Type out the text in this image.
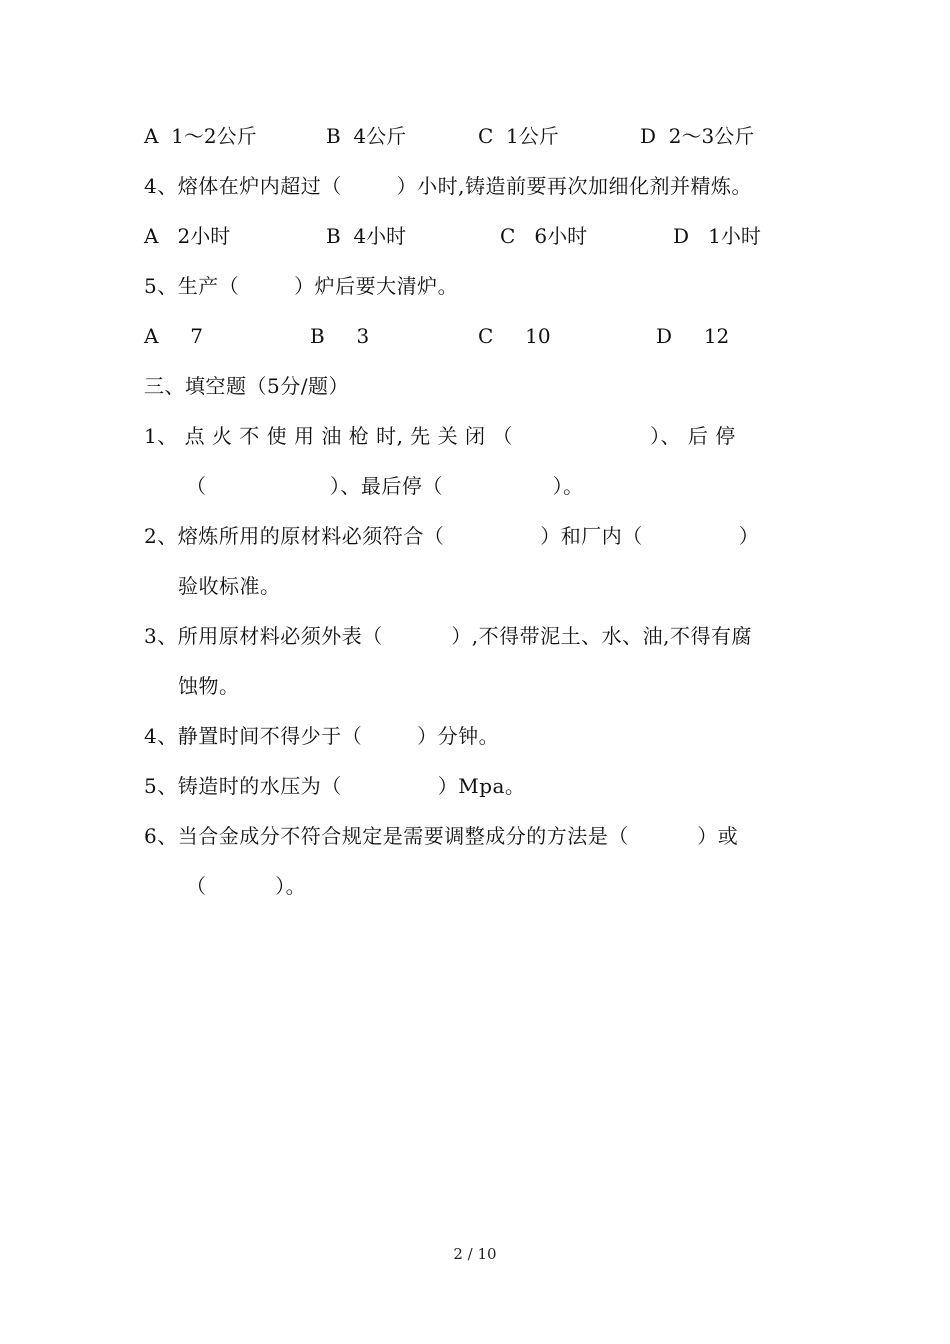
A  1～2公斤	B  4公斤	C  1公斤	D  2～3公斤
4、熔体在炉内超过（        ）小时,铸造前要再次加细化剂并精炼。
A   2小时	B  4小时	C   6小时	D   1小时
5、生产（        ）炉后要大清炉。
A     7	B     3	C     10	D     12
三、填空题（5分/题）
1、 点 火 不 使 用 油 枪 时, 先 关 闭 （                    ）、 后 停
（                  ）、最后停（                ）。
2、熔炼所用的原材料必须符合（              ）和厂内（              ）
验收标准。
3、所用原材料必须外表（          ）,不得带泥土、水、油,不得有腐
蚀物。
4、静置时间不得少于（        ）分钟。
5、铸造时的水压为（              ）Mpa。
6、当合金成分不符合规定是需要调整成分的方法是（          ）或
（          ）。
2 / 10
